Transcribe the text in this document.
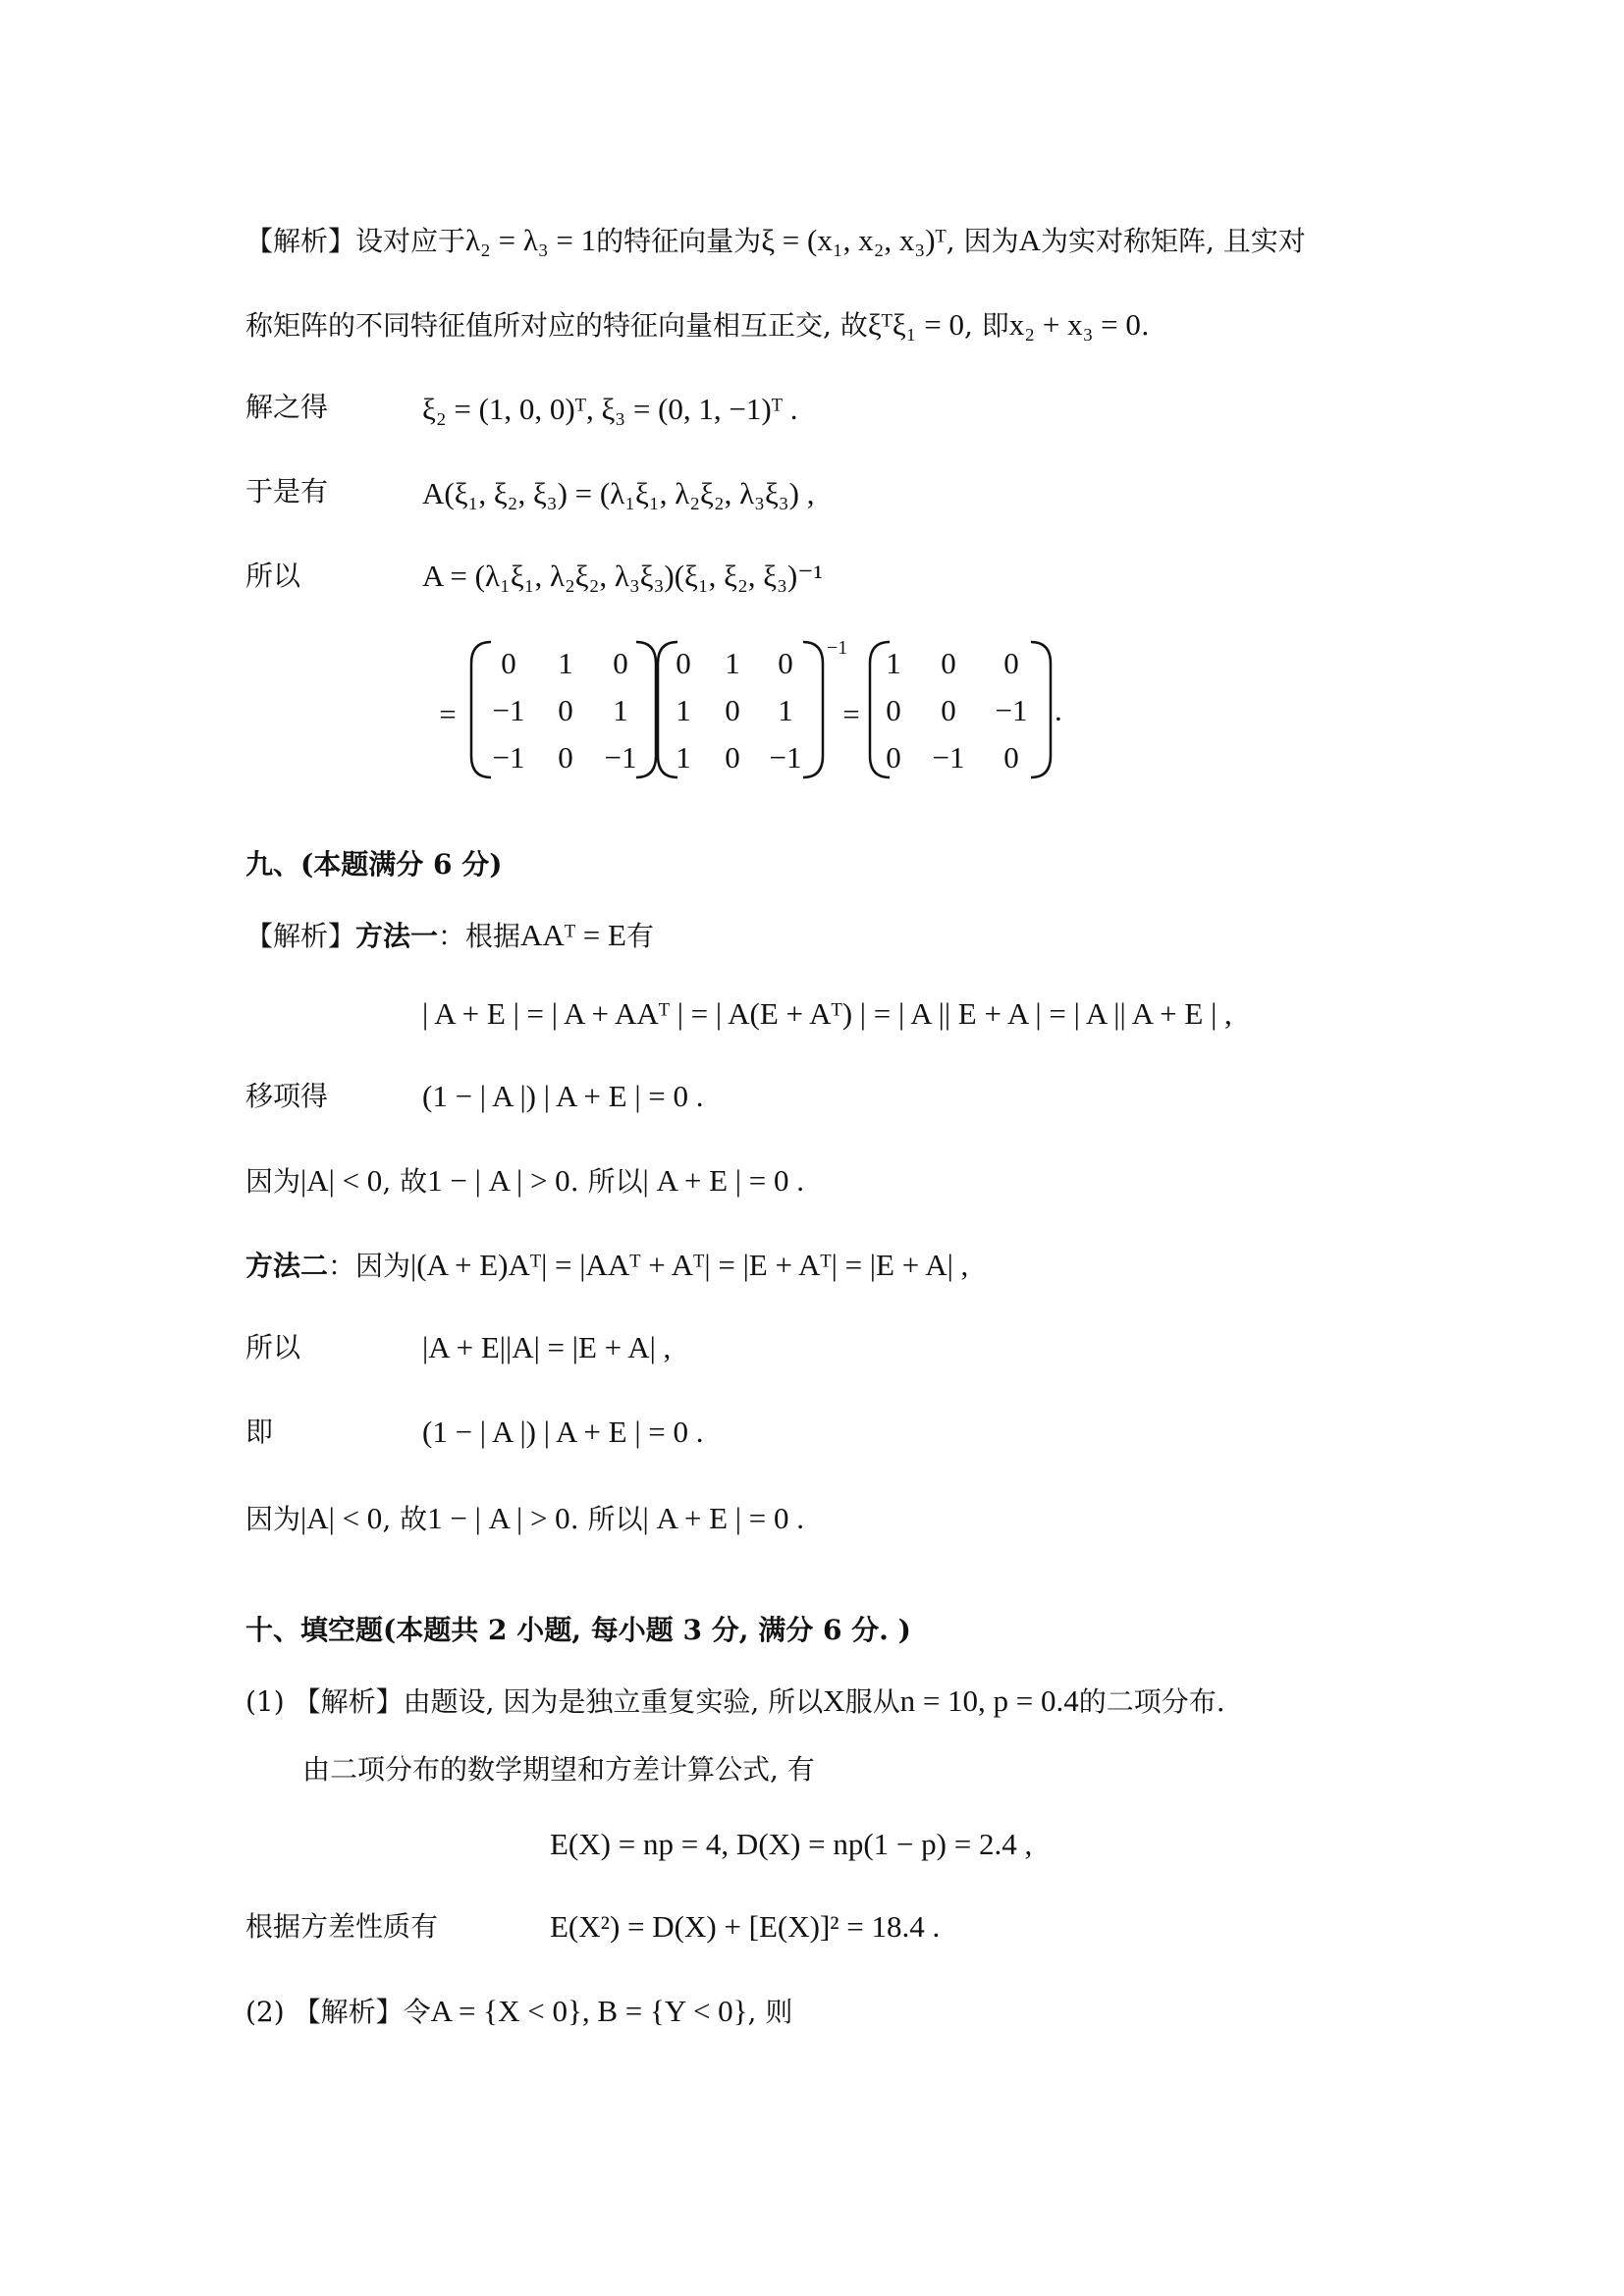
【解析】设对应于λ₂ = λ₃ = 1的特征向量为ξ = (x₁, x₂, x₃)ᵀ, 因为A为实对称矩阵, 且实对
称矩阵的不同特征值所对应的特征向量相互正交, 故ξᵀξ₁ = 0, 即x₂ + x₃ = 0.
解之得	ξ₂ = (1, 0, 0)ᵀ, ξ₃ = (0, 1, −1)ᵀ .
于是有	A(ξ₁, ξ₂, ξ₃) = (λ₁ξ₁, λ₂ξ₂, λ₃ξ₃) ,
所以	A = (λ₁ξ₁, λ₂ξ₂, λ₃ξ₃)(ξ₁, ξ₂, ξ₃)⁻¹
=
0 1 0
−1 0 1
−1 0 −1
0 1 0
1 0 1
1 0 −1
−1
=
1 0 0
0 0 −1
0 −1 0
.
九、(本题满分 6 分)
【解析】方法一：根据AAᵀ = E有
| A + E | = | A + AAᵀ | = | A(E + Aᵀ) | = | A || E + A | = | A || A + E | ,
移项得	(1 − | A |) | A + E | = 0 .
因为|A| < 0, 故1 − | A | > 0. 所以| A + E | = 0 .
方法二：因为|(A + E)Aᵀ| = |AAᵀ + Aᵀ| = |E + Aᵀ| = |E + A| ,
所以	|A + E||A| = |E + A| ,
即	(1 − | A |) | A + E | = 0 .
因为|A| < 0, 故1 − | A | > 0. 所以| A + E | = 0 .
十、填空题(本题共 2 小题, 每小题 3 分, 满分 6 分. )
(1) 【解析】由题设, 因为是独立重复实验, 所以X服从n = 10, p = 0.4的二项分布.
由二项分布的数学期望和方差计算公式, 有
E(X) = np = 4, D(X) = np(1 − p) = 2.4 ,
根据方差性质有	E(X²) = D(X) + [E(X)]² = 18.4 .
(2) 【解析】令A = {X < 0}, B = {Y < 0}, 则
